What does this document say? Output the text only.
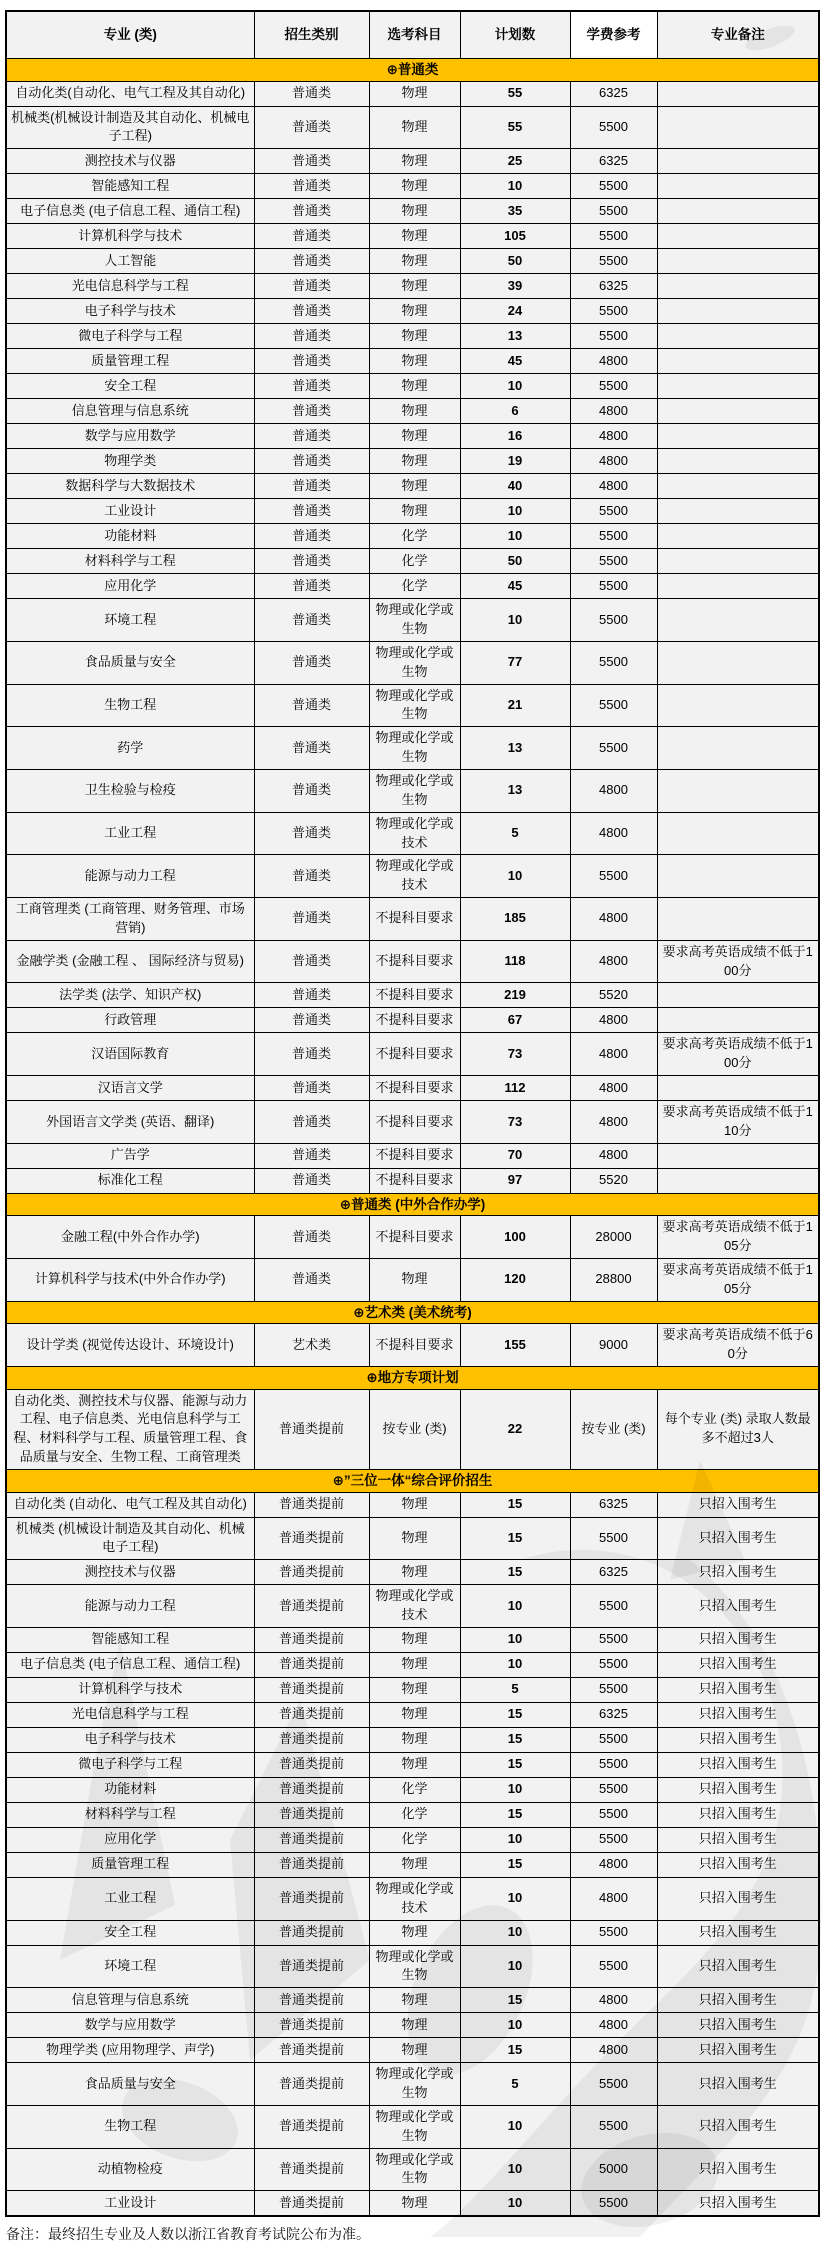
专业 (类)	招生类别	选考科目	计划数	学费参考	专业备注
⊕普通类					
自动化类(自动化、电气工程及其自动化)	普通类	物理	55	6325	
机械类(机械设计制造及其自动化、机械电子工程)	普通类	物理	55	5500	
测控技术与仪器	普通类	物理	25	6325	
智能感知工程	普通类	物理	10	5500	
电子信息类 (电子信息工程、通信工程)	普通类	物理	35	5500	
计算机科学与技术	普通类	物理	105	5500	
人工智能	普通类	物理	50	5500	
光电信息科学与工程	普通类	物理	39	6325	
电子科学与技术	普通类	物理	24	5500	
微电子科学与工程	普通类	物理	13	5500	
质量管理工程	普通类	物理	45	4800	
安全工程	普通类	物理	10	5500	
信息管理与信息系统	普通类	物理	6	4800	
数学与应用数学	普通类	物理	16	4800	
物理学类	普通类	物理	19	4800	
数据科学与大数据技术	普通类	物理	40	4800	
工业设计	普通类	物理	10	5500	
功能材料	普通类	化学	10	5500	
材料科学与工程	普通类	化学	50	5500	
应用化学	普通类	化学	45	5500	
环境工程	普通类	物理或化学或生物	10	5500	
食品质量与安全	普通类	物理或化学或生物	77	5500	
生物工程	普通类	物理或化学或生物	21	5500	
药学	普通类	物理或化学或生物	13	5500	
卫生检验与检疫	普通类	物理或化学或生物	13	4800	
工业工程	普通类	物理或化学或技术	5	4800	
能源与动力工程	普通类	物理或化学或技术	10	5500	
工商管理类 (工商管理、财务管理、市场营销)	普通类	不提科目要求	185	4800	
金融学类 (金融工程 、 国际经济与贸易)	普通类	不提科目要求	118	4800	要求高考英语成绩不低于100分
法学类 (法学、知识产权)	普通类	不提科目要求	219	5520	
行政管理	普通类	不提科目要求	67	4800	
汉语国际教育	普通类	不提科目要求	73	4800	要求高考英语成绩不低于100分
汉语言文学	普通类	不提科目要求	112	4800	
外国语言文学类 (英语、翻译)	普通类	不提科目要求	73	4800	要求高考英语成绩不低于110分
广告学	普通类	不提科目要求	70	4800	
标准化工程	普通类	不提科目要求	97	5520	
⊕普通类 (中外合作办学)					
金融工程(中外合作办学)	普通类	不提科目要求	100	28000	要求高考英语成绩不低于105分
计算机科学与技术(中外合作办学)	普通类	物理	120	28800	要求高考英语成绩不低于105分
⊕艺术类 (美术统考)					
设计学类 (视觉传达设计、环境设计)	艺术类	不提科目要求	155	9000	要求高考英语成绩不低于60分
⊕地方专项计划					
自动化类、测控技术与仪器、能源与动力工程、电子信息类、光电信息科学与工程、材料科学与工程、质量管理工程、食品质量与安全、生物工程、工商管理类	普通类提前	按专业 (类)	22	按专业 (类)	每个专业 (类) 录取人数最多不超过3人
⊕”三位一体“综合评价招生					
自动化类 (自动化、电气工程及其自动化)	普通类提前	物理	15	6325	只招入围考生
机械类 (机械设计制造及其自动化、机械电子工程)	普通类提前	物理	15	5500	只招入围考生
测控技术与仪器	普通类提前	物理	15	6325	只招入围考生
能源与动力工程	普通类提前	物理或化学或技术	10	5500	只招入围考生
智能感知工程	普通类提前	物理	10	5500	只招入围考生
电子信息类 (电子信息工程、通信工程)	普通类提前	物理	10	5500	只招入围考生
计算机科学与技术	普通类提前	物理	5	5500	只招入围考生
光电信息科学与工程	普通类提前	物理	15	6325	只招入围考生
电子科学与技术	普通类提前	物理	15	5500	只招入围考生
微电子科学与工程	普通类提前	物理	15	5500	只招入围考生
功能材料	普通类提前	化学	10	5500	只招入围考生
材料科学与工程	普通类提前	化学	15	5500	只招入围考生
应用化学	普通类提前	化学	10	5500	只招入围考生
质量管理工程	普通类提前	物理	15	4800	只招入围考生
工业工程	普通类提前	物理或化学或技术	10	4800	只招入围考生
安全工程	普通类提前	物理	10	5500	只招入围考生
环境工程	普通类提前	物理或化学或生物	10	5500	只招入围考生
信息管理与信息系统	普通类提前	物理	15	4800	只招入围考生
数学与应用数学	普通类提前	物理	10	4800	只招入围考生
物理学类 (应用物理学、声学)	普通类提前	物理	15	4800	只招入围考生
食品质量与安全	普通类提前	物理或化学或生物	5	5500	只招入围考生
生物工程	普通类提前	物理或化学或生物	10	5500	只招入围考生
动植物检疫	普通类提前	物理或化学或生物	10	5000	只招入围考生
工业设计	普通类提前	物理	10	5500	只招入围考生
备注：最终招生专业及人数以浙江省教育考试院公布为准。
